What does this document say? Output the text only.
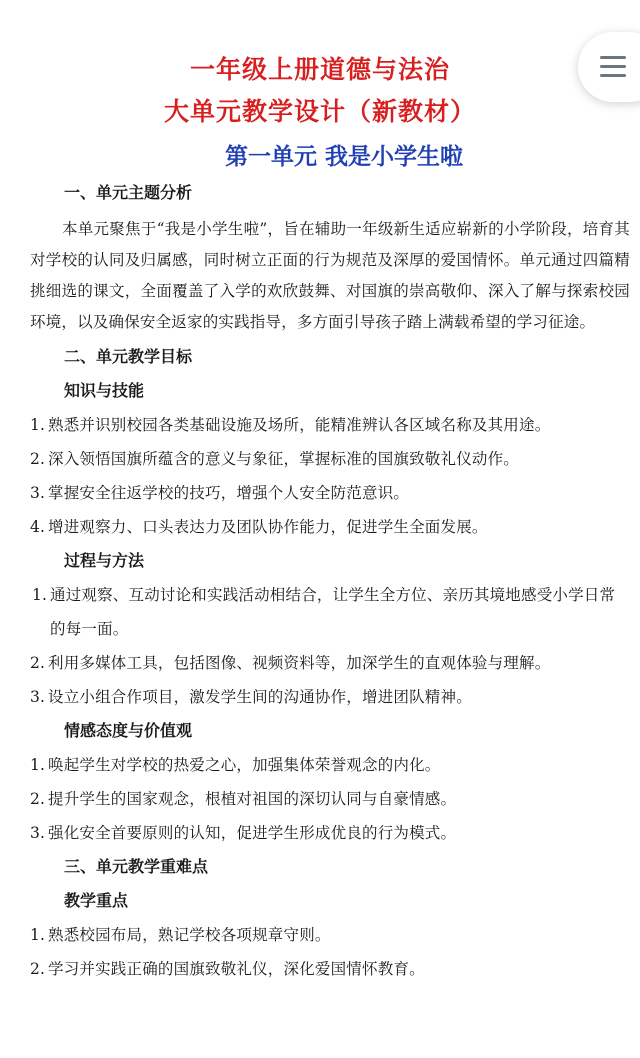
一年级上册道德与法治
大单元教学设计（新教材）
第一单元 我是小学生啦
一、单元主题分析

本单元聚焦于“我是小学生啦”，旨在辅助一年级新生适应崭新的小学阶段，培育其对学校的认同及归属感，同时树立正面的行为规范及深厚的爱国情怀。单元通过四篇精挑细选的课文，全面覆盖了入学的欢欣鼓舞、对国旗的崇高敬仰、深入了解与探索校园环境，以及确保安全返家的实践指导，多方面引导孩子踏上满载希望的学习征途。

二、单元教学目标
知识与技能
1. 熟悉并识别校园各类基础设施及场所，能精准辨认各区域名称及其用途。
2. 深入领悟国旗所蕴含的意义与象征，掌握标准的国旗致敬礼仪动作。
3. 掌握安全往返学校的技巧，增强个人安全防范意识。
4. 增进观察力、口头表达力及团队协作能力，促进学生全面发展。
过程与方法
1. 通过观察、互动讨论和实践活动相结合，让学生全方位、亲历其境地感受小学日常的每一面。
2. 利用多媒体工具，包括图像、视频资料等，加深学生的直观体验与理解。
3. 设立小组合作项目，激发学生间的沟通协作，增进团队精神。
情感态度与价值观
1. 唤起学生对学校的热爱之心，加强集体荣誉观念的内化。
2. 提升学生的国家观念，根植对祖国的深切认同与自豪情感。
3. 强化安全首要原则的认知，促进学生形成优良的行为模式。
三、单元教学重难点
教学重点
1. 熟悉校园布局，熟记学校各项规章守则。
2. 学习并实践正确的国旗致敬礼仪，深化爱国情怀教育。
